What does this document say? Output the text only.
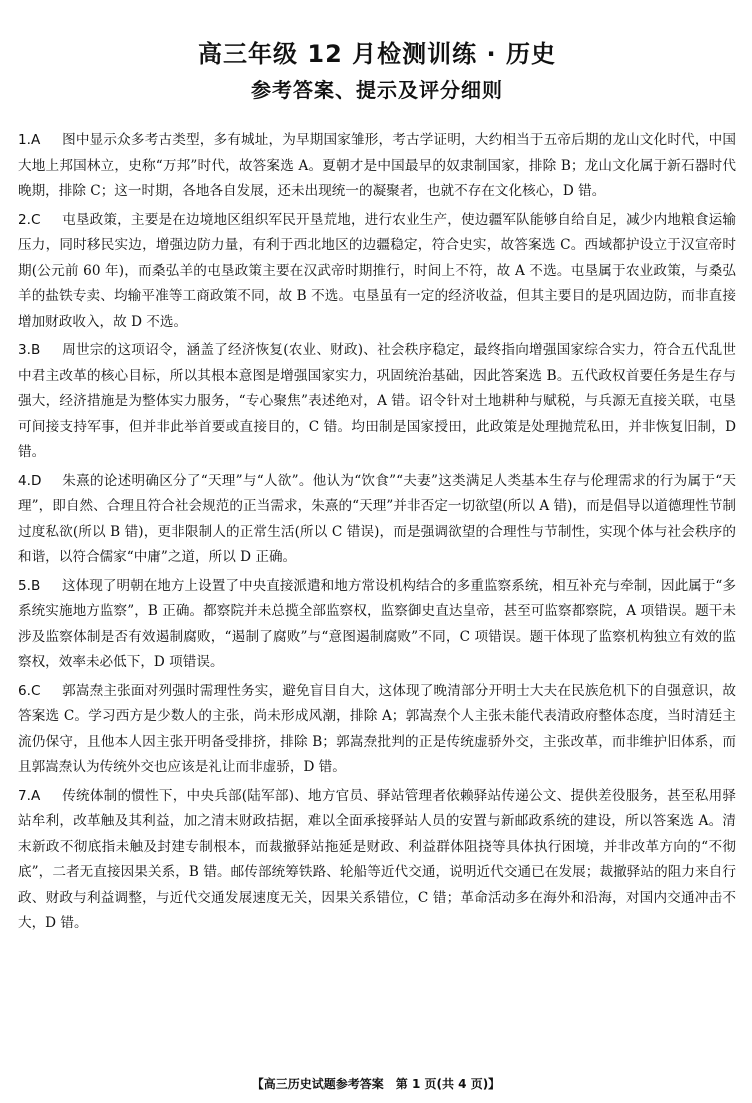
高三年级 12 月检测训练 · 历史
参考答案、提示及评分细则

1.A 图中显示众多考古类型，多有城址，为早期国家雏形，考古学证明，大约相当于五帝后期的龙山文化时代，中国大地上邦国林立，史称“万邦”时代，故答案选 A。夏朝才是中国最早的奴隶制国家，排除 B；龙山文化属于新石器时代晚期，排除 C；这一时期，各地各自发展，还未出现统一的凝聚者，也就不存在文化核心，D 错。

2.C 屯垦政策，主要是在边境地区组织军民开垦荒地，进行农业生产，使边疆军队能够自给自足，减少内地粮食运输压力，同时移民实边，增强边防力量，有利于西北地区的边疆稳定，符合史实，故答案选 C。西域都护设立于汉宣帝时期(公元前 60 年)，而桑弘羊的屯垦政策主要在汉武帝时期推行，时间上不符，故 A 不选。屯垦属于农业政策，与桑弘羊的盐铁专卖、均输平准等工商政策不同，故 B 不选。屯垦虽有一定的经济收益，但其主要目的是巩固边防，而非直接增加财政收入，故 D 不选。

3.B 周世宗的这项诏令，涵盖了经济恢复(农业、财政)、社会秩序稳定，最终指向增强国家综合实力，符合五代乱世中君主改革的核心目标，所以其根本意图是增强国家实力，巩固统治基础，因此答案选 B。五代政权首要任务是生存与强大，经济措施是为整体实力服务，“专心聚焦”表述绝对，A 错。诏令针对土地耕种与赋税，与兵源无直接关联，屯垦可间接支持军事，但并非此举首要或直接目的，C 错。均田制是国家授田，此政策是处理抛荒私田，并非恢复旧制，D 错。

4.D 朱熹的论述明确区分了“天理”与“人欲”。他认为“饮食”“夫妻”这类满足人类基本生存与伦理需求的行为属于“天理”，即自然、合理且符合社会规范的正当需求，朱熹的“天理”并非否定一切欲望(所以 A 错)，而是倡导以道德理性节制过度私欲(所以 B 错)，更非限制人的正常生活(所以 C 错误)，而是强调欲望的合理性与节制性，实现个体与社会秩序的和谐，以符合儒家“中庸”之道，所以 D 正确。

5.B 这体现了明朝在地方上设置了中央直接派遣和地方常设机构结合的多重监察系统，相互补充与牵制，因此属于“多系统实施地方监察”，B 正确。都察院并未总揽全部监察权，监察御史直达皇帝，甚至可监察都察院，A 项错误。题干未涉及监察体制是否有效遏制腐败，“遏制了腐败”与“意图遏制腐败”不同，C 项错误。题干体现了监察机构独立有效的监察权，效率未必低下，D 项错误。

6.C 郭嵩焘主张面对列强时需理性务实，避免盲目自大，这体现了晚清部分开明士大夫在民族危机下的自强意识，故答案选 C。学习西方是少数人的主张，尚未形成风潮，排除 A；郭嵩焘个人主张未能代表清政府整体态度，当时清廷主流仍保守，且他本人因主张开明备受排挤，排除 B；郭嵩焘批判的正是传统虚骄外交，主张改革，而非维护旧体系，而且郭嵩焘认为传统外交也应该是礼让而非虚骄，D 错。

7.A 传统体制的惯性下，中央兵部(陆军部)、地方官员、驿站管理者依赖驿站传递公文、提供差役服务，甚至私用驿站牟利，改革触及其利益，加之清末财政拮据，难以全面承接驿站人员的安置与新邮政系统的建设，所以答案选 A。清末新政不彻底指未触及封建专制根本，而裁撤驿站拖延是财政、利益群体阻挠等具体执行困境，并非改革方向的“不彻底”，二者无直接因果关系，B 错。邮传部统筹铁路、轮船等近代交通，说明近代交通已在发展；裁撤驿站的阻力来自行政、财政与利益调整，与近代交通发展速度无关，因果关系错位，C 错；革命活动多在海外和沿海，对国内交通冲击不大，D 错。

【高三历史试题参考答案　第 1 页(共 4 页)】
